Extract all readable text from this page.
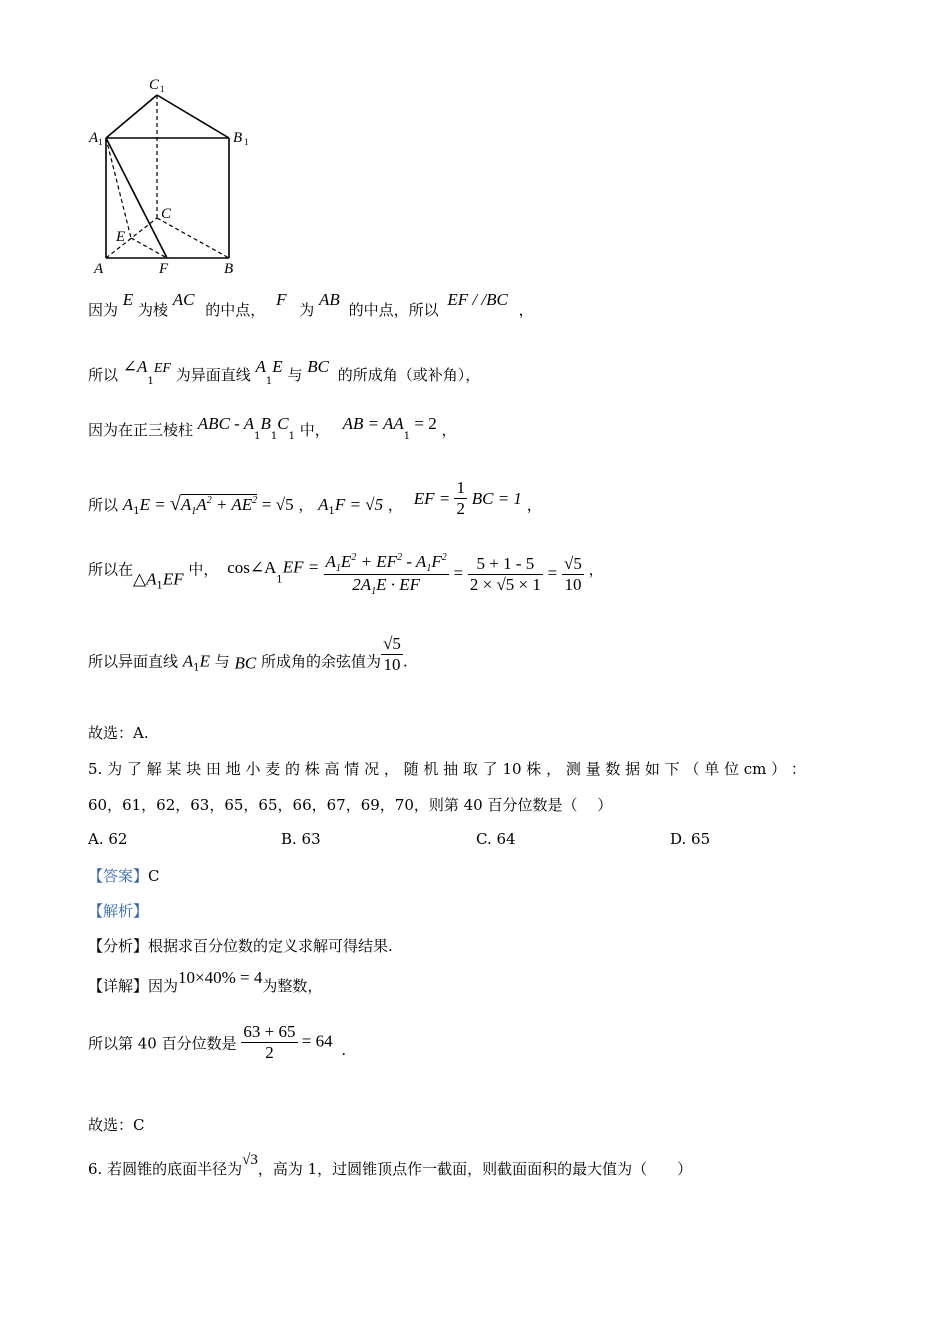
C 1
A 1	B 1
C
E
A	F	B
因为 E 为棱 AC 的中点， F 为 AB 的中点，所以 EF / /BC ，
所以 $\angle A_1EF$ 为异面直线 $A_1E$ 与 BC 的所成角（或补角），
因为在正三棱柱 ABC - $A_1B_1C_1$ 中， AB = $AA_1 = 2$ ，
所以 $A_1E = √A_1A^2 + AE^2 = √5$ ， $A_1F = √5$ ， EF = $\frac{1}{2}$ BC = 1 ，
所以在$\triangle A_1EF$ 中， $\cos\angle A_1EF = \frac{A_1E^2 + EF^2 - A_1F^2}{2A_1E \cdot EF} = \frac{5 + 1 - 5}{2 \times √5 \times 1} = \frac{√5}{10}$ ，
所以异面直线 $A_1E$ 与 BC 所成角的余弦值为 $\frac{√5}{10}$ .
故选：A.
5. 为 了 解 某 块 田 地 小 麦 的 株 高 情 况 ， 随 机 抽 取 了 10 株 ， 测 量 数 据 如 下 （ 单 位 cm ） ：
60，61，62，63，65，65，66，67，69，70，则第 40 百分位数是（　 ）
A. 62	B. 63	C. 64	D. 65
【答案】C
【解析】
【分析】根据求百分位数的定义求解可得结果.
【详解】因为10×40% = 4为整数，
所以第 40 百分位数是 $\frac{63 + 65}{2} = 64$ .
故选：C
6. 若圆锥的底面半径为√3，高为 1，过圆锥顶点作一截面，则截面面积的最大值为（　　）
